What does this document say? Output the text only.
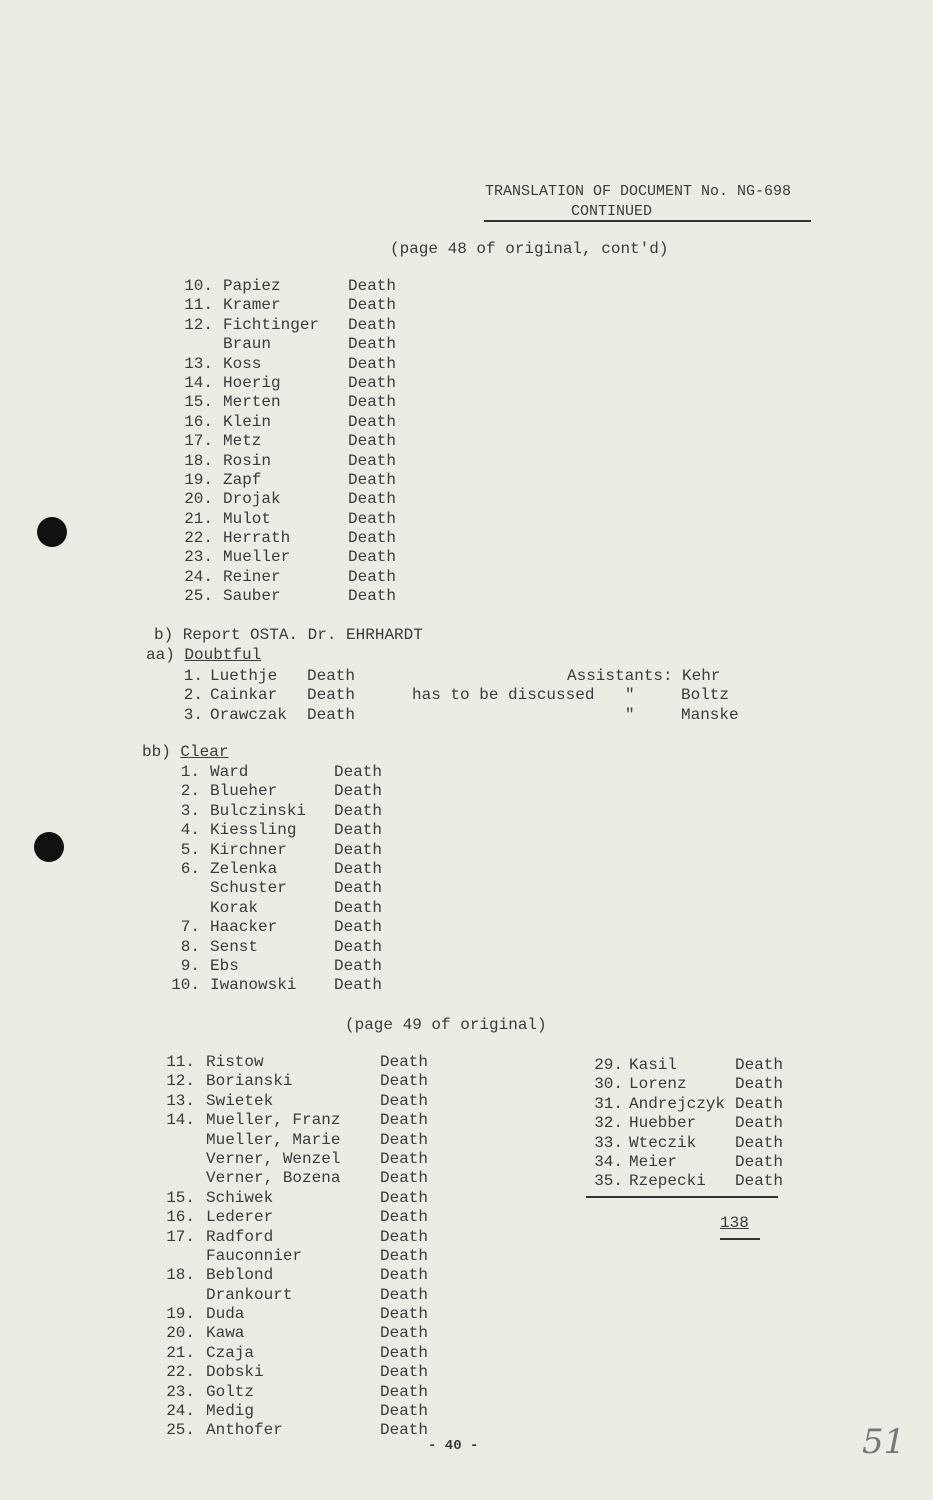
TRANSLATION OF DOCUMENT No. NG-698
CONTINUED
(page 48 of original, cont'd)
10. Papiez	Death
11. Kramer	Death
12. Fichtinger Death
Braun	Death
13. Koss	Death
14. Hoerig	Death
15. Merten	Death
16. Klein	Death
17. Metz	Death
18. Rosin	Death
19. Zapf	Death
20. Drojak	Death
21. Mulot	Death
22. Herrath	Death
23. Mueller	Death
24. Reiner	Death
25. Sauber	Death
b) Report OSTA. Dr. EHRHARDT
aa) Doubtful
1. Luethje Death	Assistants: Kehr
2. Cainkar Death	has to be discussed "	Boltz
3. Orawczak Death	"	Manske
bb) Clear
1. Ward	Death
2. Blueher	Death
3. Bulczinski Death
4. Kiessling Death
5. Kirchner	Death
6. Zelenka	Death
Schuster	Death
Korak	Death
7. Haacker	Death
8. Senst	Death
9. Ebs	Death
10. Iwanowski Death
(page 49 of original)
11. Ristow	Death
12. Borianski	Death
13. Swietek	Death
14. Mueller, Franz Death
Mueller, Marie Death
Verner, Wenzel Death
Verner, Bozena Death
15. Schiwek	Death
16. Lederer	Death
17. Radford	Death
Fauconnier	Death
18. Beblond	Death
Drankourt	Death
19. Duda	Death
20. Kawa	Death
21. Czaja	Death
22. Dobski	Death
23. Goltz	Death
24. Medig	Death
25. Anthofer	Death
29. Kasil	Death
30. Lorenz	Death
31. Andrejczyk Death
32. Huebber Death
33. Wteczik Death
34. Meier	Death
35. Rzepecki Death
138
- 40 -	51
